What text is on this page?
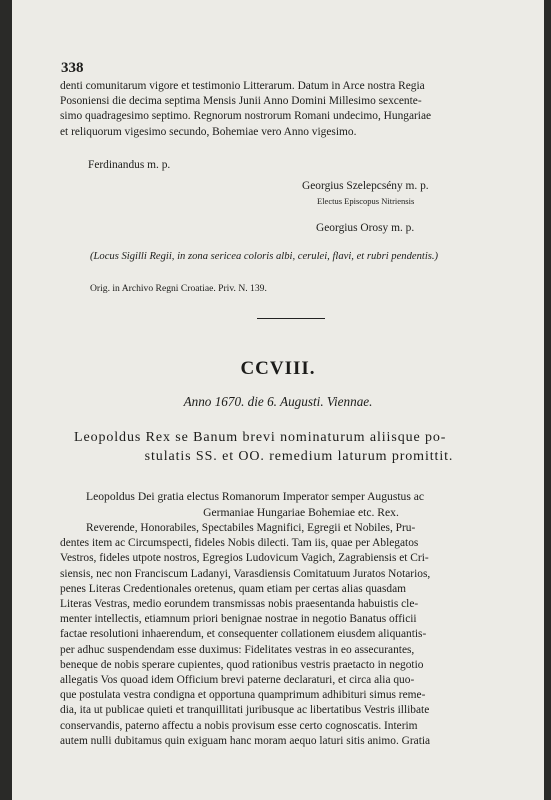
338

denti comunitarum vigore et testimonio Litterarum. Datum in Arce nostra Regia

Posoniensi die decima septima Mensis Junii Anno Domini Millesimo sexcente-

simo quadragesimo septimo. Regnorum nostrorum Romani undecimo, Hungariae

et reliquorum vigesimo secundo, Bohemiae vero Anno vigesimo.

Ferdinandus m. p.
Georgius Szelepcsény m. p.
Electus Episcopus Nitriensis
Georgius Orosy m. p.
(Locus Sigilli Regii, in zona sericea coloris albi, cerulei, flavi, et rubri pendentis.)
Orig. in Archivo Regni Croatiae. Priv. N. 139.
CCVIII.
Anno 1670. die 6. Augusti. Viennae.
Leopoldus Rex se Banum brevi nominaturum aliisque po-
stulatis SS. et OO. remedium laturum promittit.
Leopoldus Dei gratia electus Romanorum Imperator semper Augustus ac
Germaniae Hungariae Bohemiae etc. Rex.

Reverende, Honorabiles, Spectabiles Magnifici, Egregii et Nobiles, Pru-

dentes item ac Circumspecti, fideles Nobis dilecti. Tam iis, quae per Ablegatos

Vestros, fideles utpote nostros, Egregios Ludovicum Vagich, Zagrabiensis et Cri-

siensis, nec non Franciscum Ladanyi, Varasdiensis Comitatuum Juratos Notarios,

penes Literas Credentionales oretenus, quam etiam per certas alias quasdam

Literas Vestras, medio eorundem transmissas nobis praesentanda habuistis cle-

menter intellectis, etiamnum priori benignae nostrae in negotio Banatus officii

factae resolutioni inhaerendum, et consequenter collationem eiusdem aliquantis-

per adhuc suspendendam esse duximus: Fidelitates vestras in eo assecurantes,

beneque de nobis sperare cupientes, quod rationibus vestris praetacto in negotio

allegatis Vos quoad idem Officium brevi paterne declaraturi, et circa alia quo-

que postulata vestra condigna et opportuna quamprimum adhibituri simus reme-

dia, ita ut publicae quieti et tranquillitati juribusque ac libertatibus Vestris illibate

conservandis, paterno affectu a nobis provisum esse certo cognoscatis. Interim

autem nulli dubitamus quin exiguam hanc moram aequo laturi sitis animo. Gratia
